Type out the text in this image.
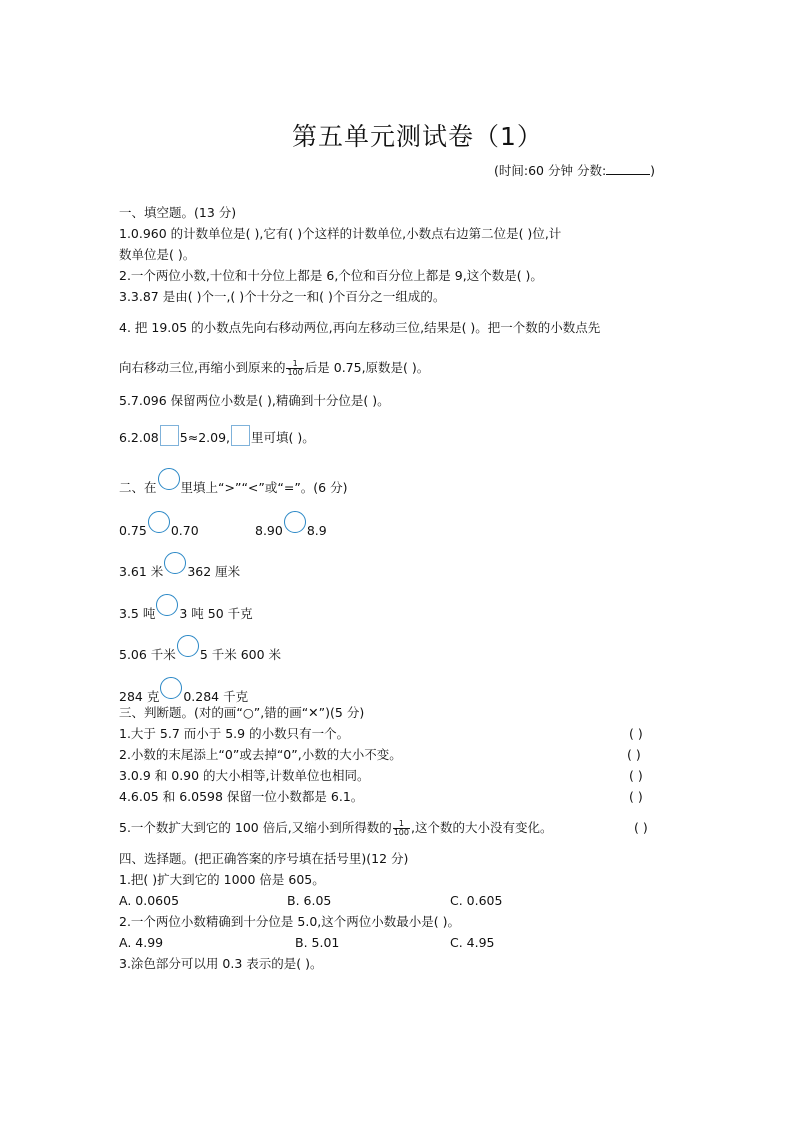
第五单元测试卷（1）
(时间:60 分钟 分数:	)
一、填空题。(13 分)
1.0.960 的计数单位是( ),它有( )个这样的计数单位,小数点右边第二位是( )位,计
数单位是( )。
2.一个两位小数,十位和十分位上都是 6,个位和百分位上都是 9,这个数是( )。
3.3.87 是由( )个一,( )个十分之一和( )个百分之一组成的。
4. 把 19.05 的小数点先向右移动两位,再向左移动三位,结果是( )。把一个数的小数点先
向右移动三位,再缩小到原来的 $\frac{1}{100}$ 后是 0.75,原数是( )。
5.7.096 保留两位小数是( ),精确到十分位是( )。
6.2.08 5≈2.09, 里可填( )。
二、在 里填上“>”“<”或“=”。(6 分)
0.75 0.70	8.90 8.9
3.61 米 362 厘米
3.5 吨 3 吨 50 千克
5.06 千米 5 千米 600 米
284 克 0.284 千克
三、判断题。(对的画“○”,错的画“✕”)(5 分)
1.大于 5.7 而小于 5.9 的小数只有一个。	( )
2.小数的末尾添上“0”或去掉“0”,小数的大小不变。	( )
3.0.9 和 0.90 的大小相等,计数单位也相同。	( )
4.6.05 和 6.0598 保留一位小数都是 6.1。	( )
5.一个数扩大到它的 100 倍后,又缩小到所得数的 $\frac{1}{100}$ ,这个数的大小没有变化。	( )
四、选择题。(把正确答案的序号填在括号里)(12 分)
1.把( )扩大到它的 1000 倍是 605。
A. 0.0605	B. 6.05	C. 0.605
2.一个两位小数精确到十分位是 5.0,这个两位小数最小是( )。
A. 4.99	B. 5.01	C. 4.95
3.涂色部分可以用 0.3 表示的是( )。
